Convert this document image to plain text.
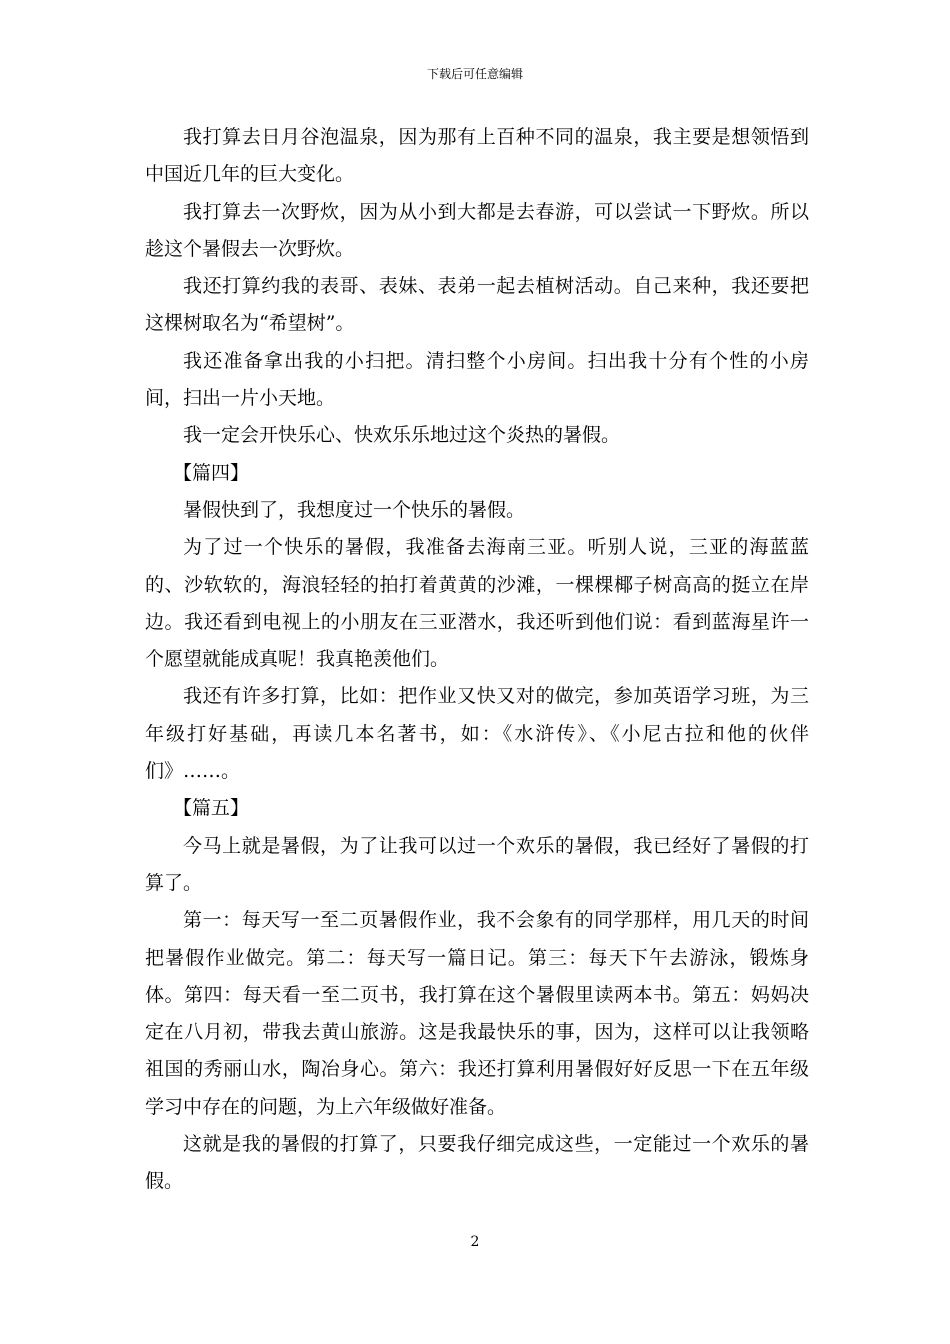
下载后可任意编辑

我打算去日月谷泡温泉，因为那有上百种不同的温泉，我主要是想领悟到中国近几年的巨大变化。

我打算去一次野炊，因为从小到大都是去春游，可以尝试一下野炊。所以趁这个暑假去一次野炊。

我还打算约我的表哥、表妹、表弟一起去植树活动。自己来种，我还要把这棵树取名为“希望树”。

我还准备拿出我的小扫把。清扫整个小房间。扫出我十分有个性的小房间，扫出一片小天地。

我一定会开快乐心、快欢乐乐地过这个炎热的暑假。

【篇四】

暑假快到了，我想度过一个快乐的暑假。

为了过一个快乐的暑假，我准备去海南三亚。听别人说，三亚的海蓝蓝的、沙软软的，海浪轻轻的拍打着黄黄的沙滩，一棵棵椰子树高高的挺立在岸边。我还看到电视上的小朋友在三亚潜水，我还听到他们说：看到蓝海星许一个愿望就能成真呢！我真艳羡他们。

我还有许多打算，比如：把作业又快又对的做完，参加英语学习班，为三年级打好基础，再读几本名著书，如：《水浒传》、《小尼古拉和他的伙伴们》……。

【篇五】

今马上就是暑假，为了让我可以过一个欢乐的暑假，我已经好了暑假的打算了。

第一：每天写一至二页暑假作业，我不会象有的同学那样，用几天的时间把暑假作业做完。第二：每天写一篇日记。第三：每天下午去游泳，锻炼身体。第四：每天看一至二页书，我打算在这个暑假里读两本书。第五：妈妈决定在八月初，带我去黄山旅游。这是我最快乐的事，因为，这样可以让我领略祖国的秀丽山水，陶冶身心。第六：我还打算利用暑假好好反思一下在五年级学习中存在的问题，为上六年级做好准备。

这就是我的暑假的打算了，只要我仔细完成这些，一定能过一个欢乐的暑假。

2
